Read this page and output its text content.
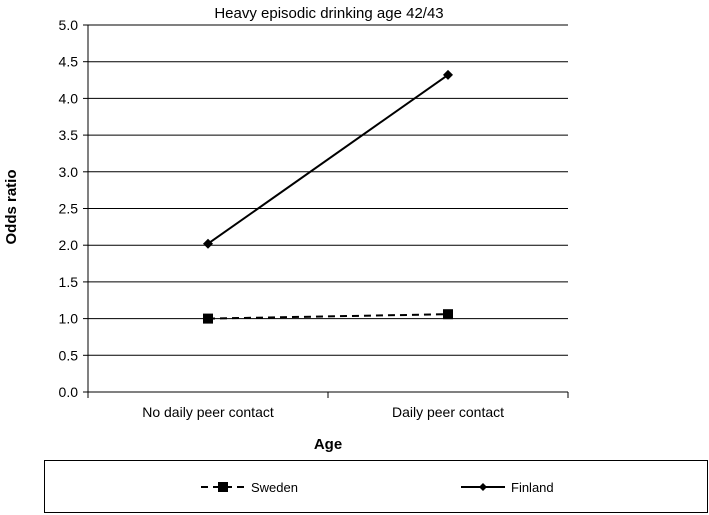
Heavy episodic drinking age 42/43
Odds ratio
Age
0.0
0.5
1.0
1.5
2.0
2.5
3.0
3.5
4.0
4.5
5.0
No daily peer contact	Daily peer contact
Sweden	Finland
